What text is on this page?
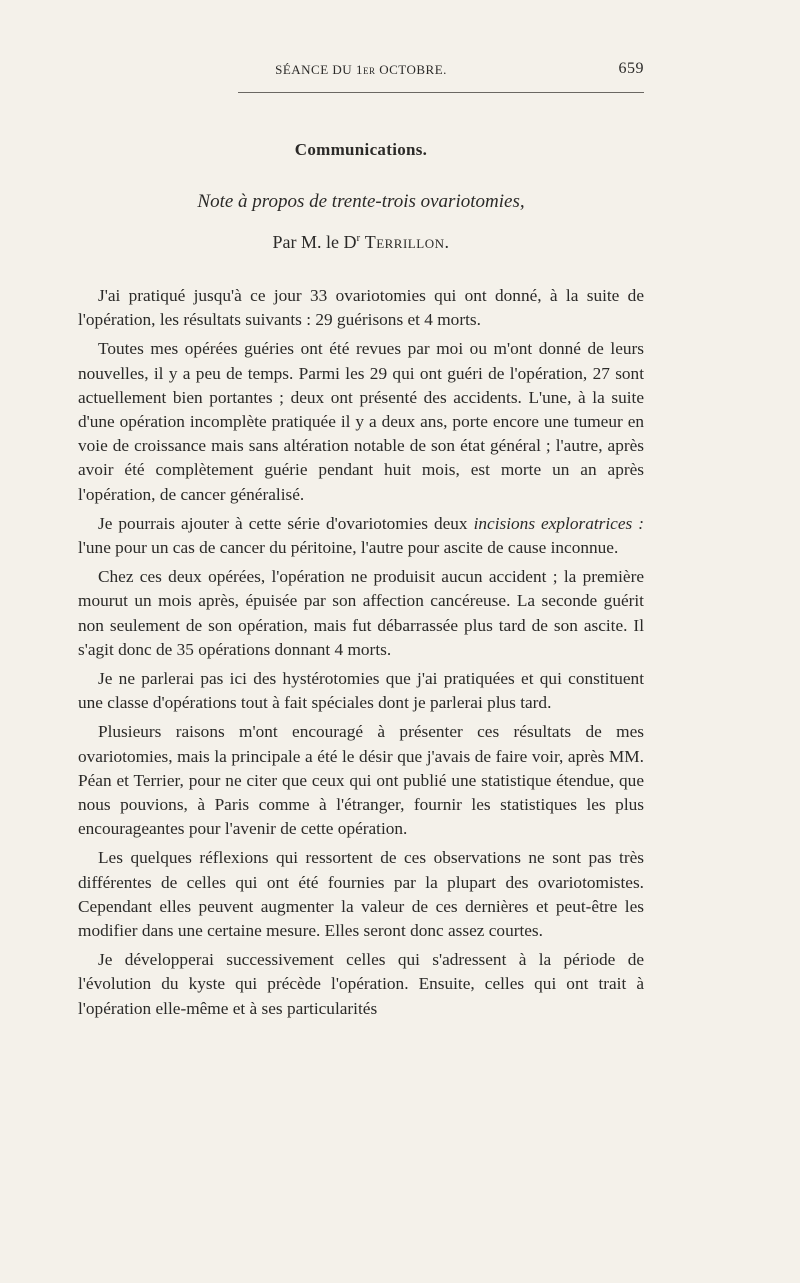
SÉANCE DU 1er OCTOBRE.	659
Communications.
Note à propos de trente-trois ovariotomies,
Par M. le $D^r$ Terrillon.

J'ai pratiqué jusqu'à ce jour 33 ovariotomies qui ont donné, à la suite de l'opération, les résultats suivants : 29 guérisons et 4 morts.

Toutes mes opérées guéries ont été revues par moi ou m'ont donné de leurs nouvelles, il y a peu de temps. Parmi les 29 qui ont guéri de l'opération, 27 sont actuellement bien portantes ; deux ont présenté des accidents. L'une, à la suite d'une opération incomplète pratiquée il y a deux ans, porte encore une tumeur en voie de croissance mais sans altération notable de son état général ; l'autre, après avoir été complètement guérie pendant huit mois, est morte un an après l'opération, de cancer généralisé.

Je pourrais ajouter à cette série d'ovariotomies deux incisions exploratrices : l'une pour un cas de cancer du péritoine, l'autre pour ascite de cause inconnue.

Chez ces deux opérées, l'opération ne produisit aucun accident ; la première mourut un mois après, épuisée par son affection cancéreuse. La seconde guérit non seulement de son opération, mais fut débarrassée plus tard de son ascite. Il s'agit donc de 35 opérations donnant 4 morts.

Je ne parlerai pas ici des hystérotomies que j'ai pratiquées et qui constituent une classe d'opérations tout à fait spéciales dont je parlerai plus tard.

Plusieurs raisons m'ont encouragé à présenter ces résultats de mes ovariotomies, mais la principale a été le désir que j'avais de faire voir, après MM. Péan et Terrier, pour ne citer que ceux qui ont publié une statistique étendue, que nous pouvions, à Paris comme à l'étranger, fournir les statistiques les plus encourageantes pour l'avenir de cette opération.

Les quelques réflexions qui ressortent de ces observations ne sont pas très différentes de celles qui ont été fournies par la plupart des ovariotomistes. Cependant elles peuvent augmenter la valeur de ces dernières et peut-être les modifier dans une certaine mesure. Elles seront donc assez courtes.

Je développerai successivement celles qui s'adressent à la période de l'évolution du kyste qui précède l'opération. Ensuite, celles qui ont trait à l'opération elle-même et à ses particularités
